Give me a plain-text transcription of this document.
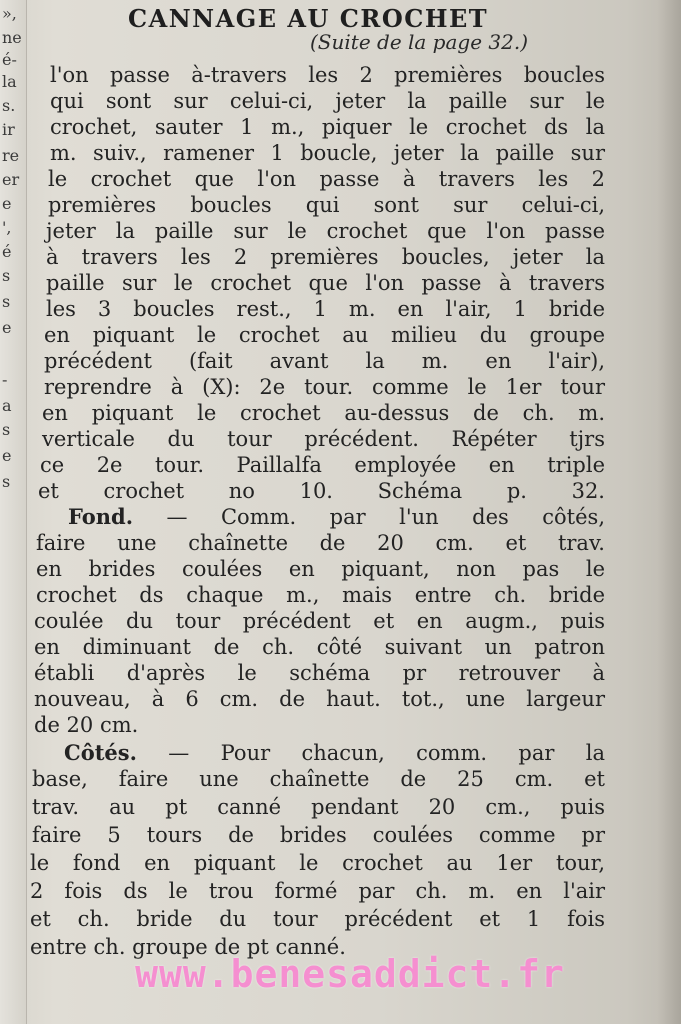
»,

ne

é-

la

s.

ir

re

er

e

',

é

s

s

e

-

a

s

e

s

CANNAGE AU CROCHET

(Suite de la page 32.)

l'on passe à-travers les 2 premières boucles

qui sont sur celui-ci, jeter la paille sur le

crochet, sauter 1 m., piquer le crochet ds la

m. suiv., ramener 1 boucle, jeter la paille sur

le crochet que l'on passe à travers les 2

premières boucles qui sont sur celui-ci,

jeter la paille sur le crochet que l'on passe

à travers les 2 premières boucles, jeter la

paille sur le crochet que l'on passe à travers

les 3 boucles rest., 1 m. en l'air, 1 bride

en piquant le crochet au milieu du groupe

précédent (fait avant la m. en l'air),

reprendre à (X): 2e tour. comme le 1er tour

en piquant le crochet au-dessus de ch. m.

verticale du tour précédent. Répéter tjrs

ce 2e tour. Paillalfa employée en triple

et crochet no 10. Schéma p. 32.

Fond. — Comm. par l'un des côtés,

faire une chaînette de 20 cm. et trav.

en brides coulées en piquant, non pas le

crochet ds chaque m., mais entre ch. bride

coulée du tour précédent et en augm., puis

en diminuant de ch. côté suivant un patron

établi d'après le schéma pr retrouver à

nouveau, à 6 cm. de haut. tot., une largeur

de 20 cm.

Côtés. — Pour chacun, comm. par la

base, faire une chaînette de 25 cm. et

trav. au pt canné pendant 20 cm., puis

faire 5 tours de brides coulées comme pr

le fond en piquant le crochet au 1er tour,

2 fois ds le trou formé par ch. m. en l'air

et ch. bride du tour précédent et 1 fois

entre ch. groupe de pt canné.

www.benesaddict.fr
